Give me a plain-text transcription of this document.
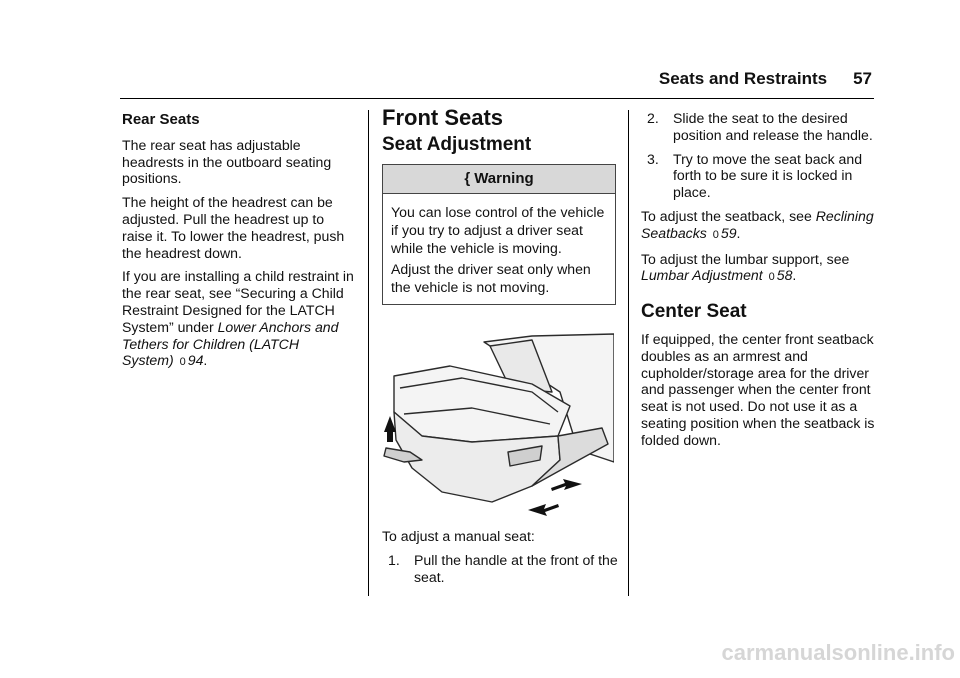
Seats and Restraints 57
Rear Seats

The rear seat has adjustable headrests in the outboard seating positions.

The height of the headrest can be adjusted. Pull the headrest up to raise it. To lower the headrest, push the headrest down.

If you are installing a child restraint in the rear seat, see “Securing a Child Restraint Designed for the LATCH System” under Lower Anchors and Tethers for Children (LATCH System) 0 94.

Front Seats
Seat Adjustment
{ Warning

You can lose control of the vehicle if you try to adjust a driver seat while the vehicle is moving.

Adjust the driver seat only when the vehicle is not moving.

To adjust a manual seat:

1. Pull the handle at the front of the seat.
2. Slide the seat to the desired position and release the handle.
3. Try to move the seat back and forth to be sure it is locked in place.

To adjust the seatback, see Reclining Seatbacks 0 59.

To adjust the lumbar support, see Lumbar Adjustment 0 58.

Center Seat

If equipped, the center front seatback doubles as an armrest and cupholder/storage area for the driver and passenger when the center front seat is not used. Do not use it as a seating position when the seatback is folded down.

carmanualsonline.info
